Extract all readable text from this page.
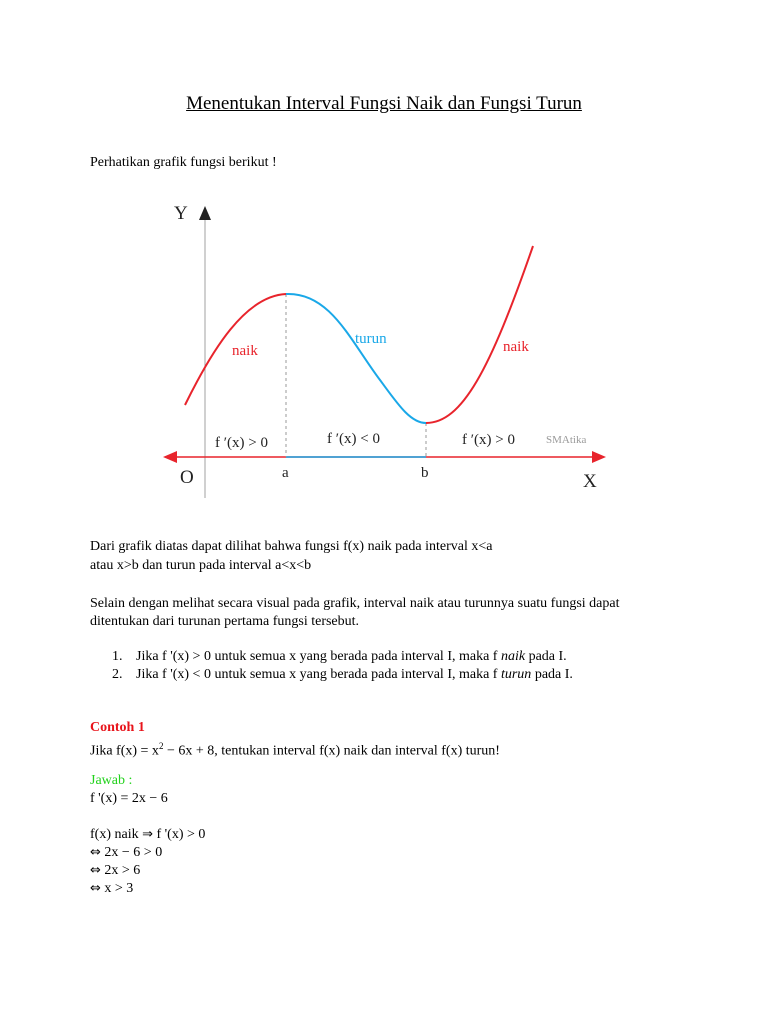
Menentukan Interval Fungsi Naik dan Fungsi Turun
Perhatikan grafik fungsi berikut !
Y
X
O	a	b
naik
turun	naik
f ′(x) > 0	f ′(x) < 0	f ′(x) > 0	SMAtika
Dari grafik diatas dapat dilihat bahwa fungsi f(x) naik pada interval x<a
atau x>b dan turun pada interval a<x<b
Selain dengan melihat secara visual pada grafik, interval naik atau turunnya suatu fungsi dapat
ditentukan dari turunan pertama fungsi tersebut.
1. Jika f '(x) > 0 untuk semua x yang berada pada interval I, maka f naik pada I.
2. Jika f '(x) < 0 untuk semua x yang berada pada interval I, maka f turun pada I.
Contoh 1
Jika $f(x) = x^2 - 6x + 8$, tentukan interval f(x) naik dan interval f(x) turun!
Jawab :
f '(x) = 2x − 6
f(x) naik ⇒ f '(x) > 0
⇔ 2x − 6 > 0
⇔ 2x > 6
⇔ x > 3
